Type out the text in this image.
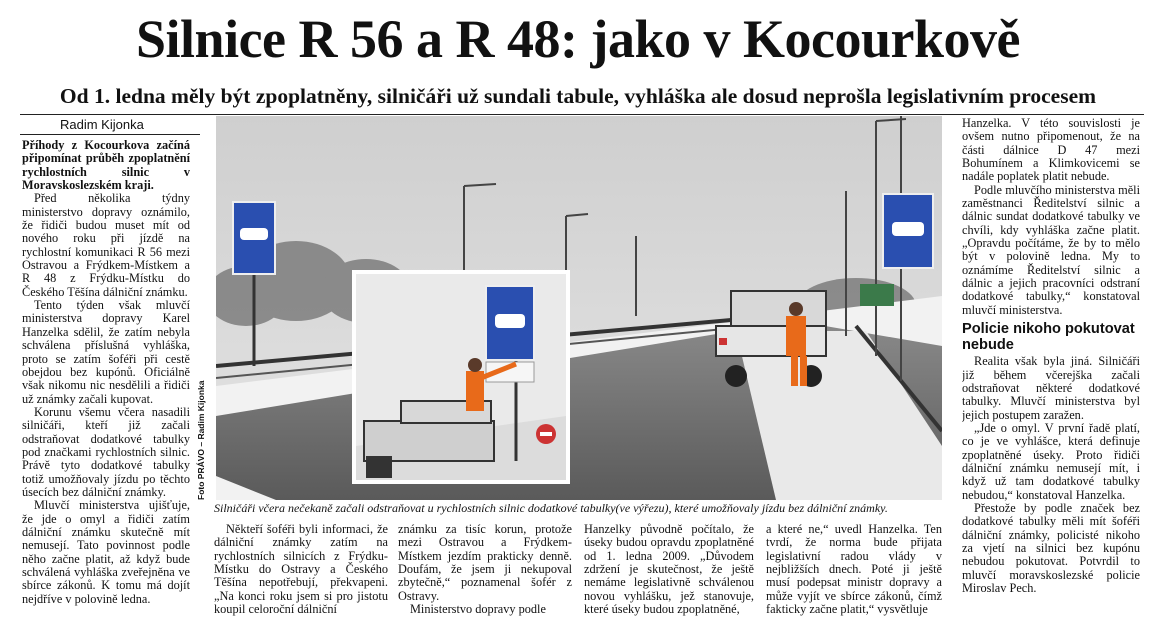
Silnice R 56 a R 48: jako v Kocourkově
Od 1. ledna měly být zpoplatněny, silničáři už sundali tabule, vyhláška ale dosud neprošla legislativním procesem
Radim Kijonka

Příhody z Kocourkova začíná připomínat průběh zpoplatnění rychlostních silnic v Moravskoslezském kraji.

Před několika týdny ministerstvo dopravy oznámilo, že řidiči budou muset mít od nového roku při jízdě na rychlostní komunikaci R 56 mezi Ostravou a Frýdkem-Místkem a R 48 z Frýdku-Místku do Českého Těšína dálniční známku.

Tento týden však mluvčí ministerstva dopravy Karel Hanzelka sdělil, že zatím nebyla schválena příslušná vyhláška, proto se zatím šoféři při cestě obejdou bez kupónů. Oficiálně však nikomu nic nesdělili a řidiči už známky začali kupovat.

Korunu všemu včera nasadili silničáři, kteří již začali odstraňovat dodatkové tabulky pod značkami rychlostních silnic. Právě tyto dodatkové tabulky totiž umožňovaly jízdu po těchto úsecích bez dálniční známky.

Mluvčí ministerstva ujišťuje, že jde o omyl a řidiči zatím dálniční známku skutečně mít nemusejí. Tato povinnost podle něho začne platit, až když bude schválená vyhláška zveřejněna ve sbírce zákonů. K tomu má dojít nejdříve v polovině ledna.

Foto PRÁVO – Radim Kijonka
Silničáři včera nečekaně začali odstraňovat u rychlostních silnic dodatkové tabulky(ve výřezu), které umožňovaly jízdu bez dálniční známky.

Někteří šoféři byli informaci, že dálniční známky zatím na rychlostních silnicích z Frýdku-Místku do Ostravy a Českého Těšína nepotřebují, překvapeni. „Na konci roku jsem si pro jistotu koupil celoroční dálniční

známku za tisíc korun, protože mezi Ostravou a Frýdkem-Místkem jezdím prakticky denně. Doufám, že jsem ji nekupoval zbytečně,“ poznamenal šofér z Ostravy.

Ministerstvo dopravy podle

Hanzelky původně počítalo, že úseky budou opravdu zpoplatněné od 1. ledna 2009. „Důvodem zdržení je skutečnost, že ještě nemáme legislativně schválenou novou vyhlášku, jež stanovuje, které úseky budou zpoplatněné,

a které ne,“ uvedl Hanzelka. Ten tvrdí, že norma bude přijata legislativní radou vlády v nejbližších dnech. Poté ji ještě musí podepsat ministr dopravy a může vyjít ve sbírce zákonů, čímž fakticky začne platit,“ vysvětluje

Hanzelka. V této souvislosti je ovšem nutno připomenout, že na části dálnice D 47 mezi Bohumínem a Klimkovicemi se nadále poplatek platit nebude.

Podle mluvčího ministerstva měli zaměstnanci Ředitelství silnic a dálnic sundat dodatkové tabulky ve chvíli, kdy vyhláška začne platit. „Opravdu počítáme, že by to mělo být v polovině ledna. My to oznámíme Ředitelství silnic a dálnic a jejich pracovníci odstraní dodatkové tabulky,“ konstatoval mluvčí ministerstva.

Policie nikoho pokutovat nebude

Realita však byla jiná. Silničáři již během včerejška začali odstraňovat některé dodatkové tabulky. Mluvčí ministerstva byl jejich postupem zaražen.

„Jde o omyl. V první řadě platí, co je ve vyhlášce, která definuje zpoplatněné úseky. Proto řidiči dálniční známku nemusejí mít, i když už tam dodatkové tabulky nebudou,“ konstatoval Hanzelka.

Přestože by podle značek bez dodatkové tabulky měli mít šoféři dálniční známky, policisté nikoho za vjetí na silnici bez kupónu nebudou pokutovat. Potvrdil to mluvčí moravskoslezské policie Miroslav Pech.
